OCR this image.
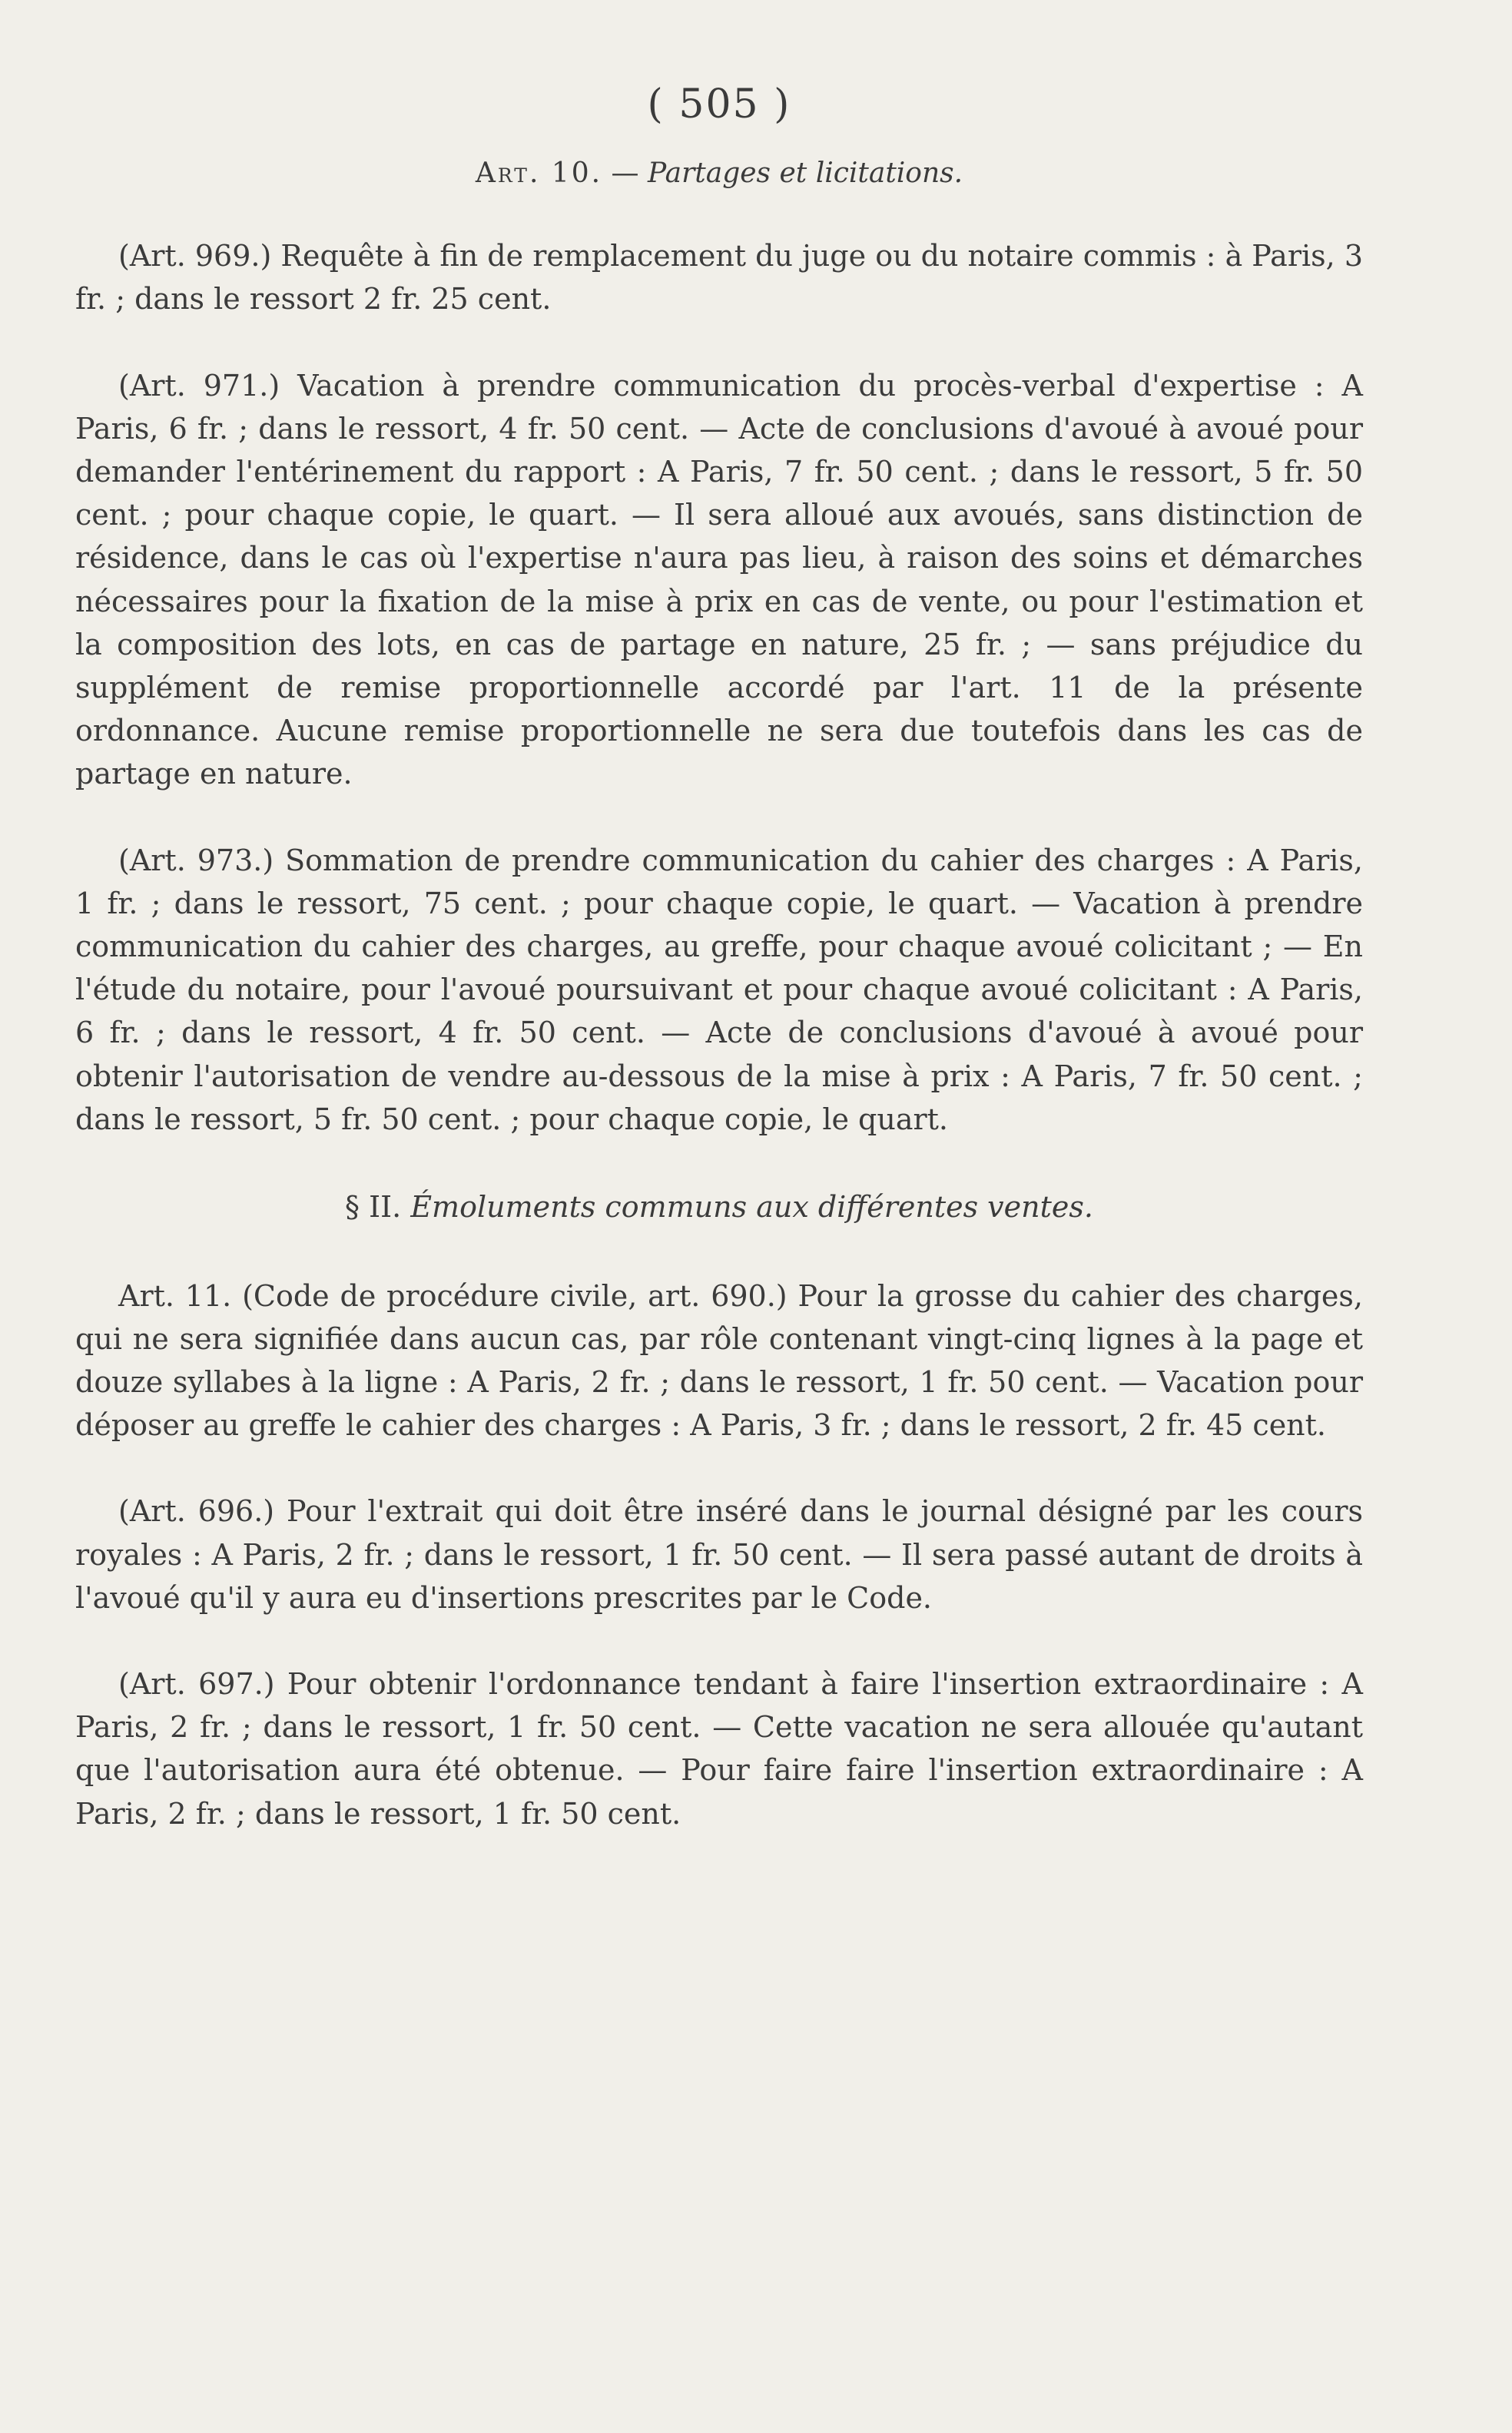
( 505 )
Art. 10. — Partages et licitations.

(Art. 969.) Requête à fin de remplacement du juge ou du notaire commis : à Paris, 3 fr. ; dans le ressort 2 fr. 25 cent.

(Art. 971.) Vacation à prendre communication du procès-verbal d'expertise : A Paris, 6 fr. ; dans le ressort, 4 fr. 50 cent. — Acte de conclusions d'avoué à avoué pour demander l'entérinement du rapport : A Paris, 7 fr. 50 cent. ; dans le ressort, 5 fr. 50 cent. ; pour chaque copie, le quart. — Il sera alloué aux avoués, sans distinction de résidence, dans le cas où l'expertise n'aura pas lieu, à raison des soins et démarches nécessaires pour la fixation de la mise à prix en cas de vente, ou pour l'estimation et la composition des lots, en cas de partage en nature, 25 fr. ; — sans préjudice du supplément de remise proportionnelle accordé par l'art. 11 de la présente ordonnance. Aucune remise proportionnelle ne sera due toutefois dans les cas de partage en nature.

(Art. 973.) Sommation de prendre communication du cahier des charges : A Paris, 1 fr. ; dans le ressort, 75 cent. ; pour chaque copie, le quart. — Vacation à prendre communication du cahier des charges, au greffe, pour chaque avoué colicitant ; — En l'étude du notaire, pour l'avoué poursuivant et pour chaque avoué colicitant : A Paris, 6 fr. ; dans le ressort, 4 fr. 50 cent. — Acte de conclusions d'avoué à avoué pour obtenir l'autorisation de vendre au-dessous de la mise à prix : A Paris, 7 fr. 50 cent. ; dans le ressort, 5 fr. 50 cent. ; pour chaque copie, le quart.

§ II. Émoluments communs aux différentes ventes.

Art. 11. (Code de procédure civile, art. 690.) Pour la grosse du cahier des charges, qui ne sera signifiée dans aucun cas, par rôle contenant vingt-cinq lignes à la page et douze syllabes à la ligne : A Paris, 2 fr. ; dans le ressort, 1 fr. 50 cent. — Vacation pour déposer au greffe le cahier des charges : A Paris, 3 fr. ; dans le ressort, 2 fr. 45 cent.

(Art. 696.) Pour l'extrait qui doit être inséré dans le journal désigné par les cours royales : A Paris, 2 fr. ; dans le ressort, 1 fr. 50 cent. — Il sera passé autant de droits à l'avoué qu'il y aura eu d'insertions prescrites par le Code.

(Art. 697.) Pour obtenir l'ordonnance tendant à faire l'insertion extraordinaire : A Paris, 2 fr. ; dans le ressort, 1 fr. 50 cent. — Cette vacation ne sera allouée qu'autant que l'autorisation aura été obtenue. — Pour faire faire l'insertion extraordinaire : A Paris, 2 fr. ; dans le ressort, 1 fr. 50 cent.
